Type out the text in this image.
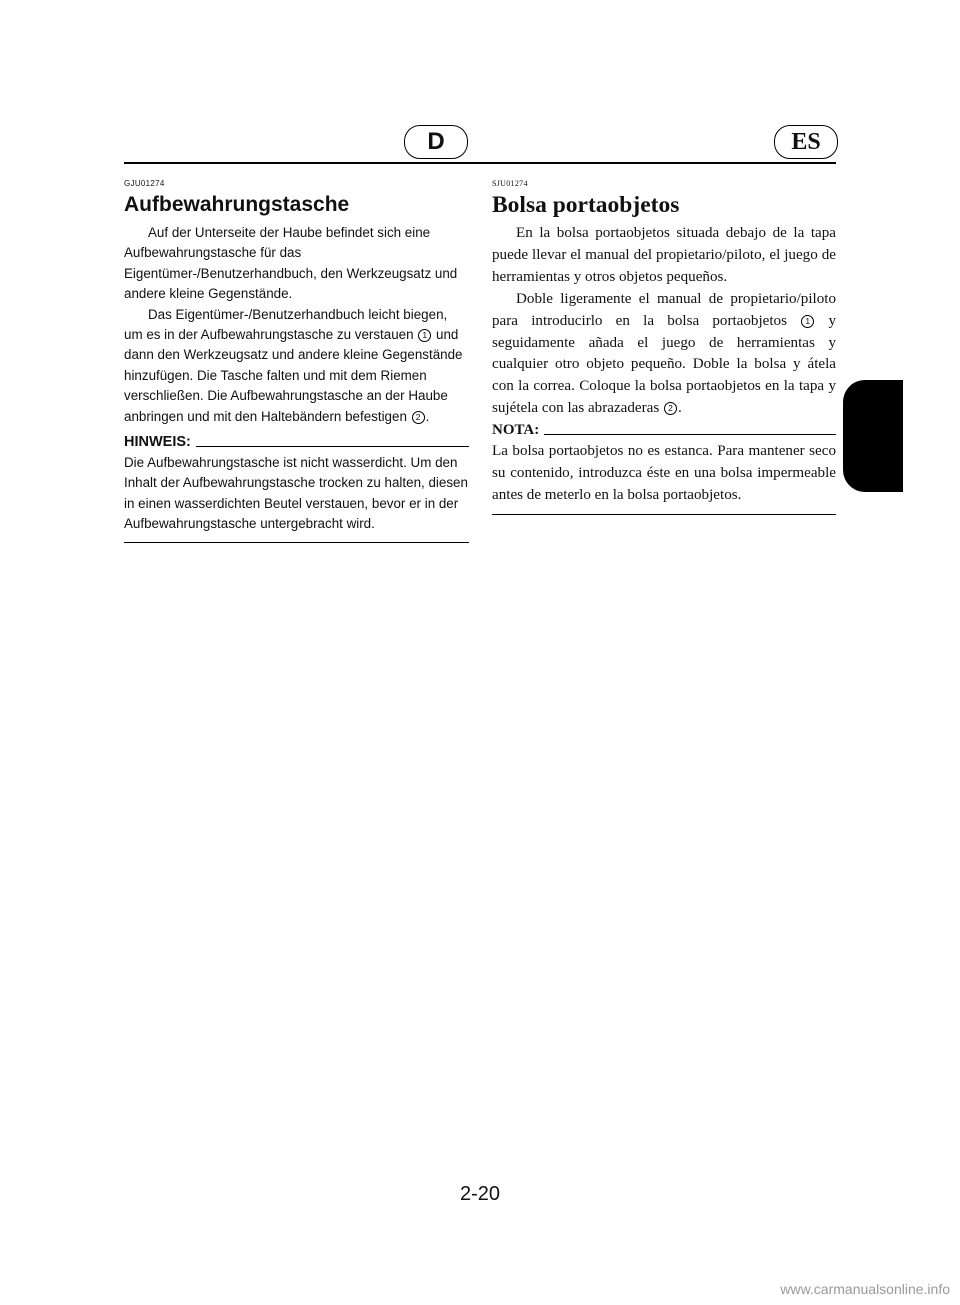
D	ES

GJU01274

Aufbewahrungstasche

Auf der Unterseite der Haube befindet sich eine Aufbewahrungstasche für das Eigentümer-/Benutzerhandbuch, den Werkzeugsatz und andere kleine Gegenstände.

Das Eigentümer-/Benutzerhandbuch leicht biegen, um es in der Aufbewahrungstasche zu verstauen 1 und dann den Werkzeugsatz und andere kleine Gegenstände hinzufügen. Die Tasche falten und mit dem Riemen verschließen. Die Aufbewahrungstasche an der Haube anbringen und mit den Haltebändern befestigen 2 .

HINWEIS:

Die Aufbewahrungstasche ist nicht wasserdicht. Um den Inhalt der Aufbewahrungstasche trocken zu halten, diesen in einen wasserdichten Beutel verstauen, bevor er in der Aufbewahrungstasche untergebracht wird.

SJU01274

Bolsa portaobjetos

En la bolsa portaobjetos situada debajo de la tapa puede llevar el manual del propietario/piloto, el juego de herramientas y otros objetos pequeños.

Doble ligeramente el manual de propietario/piloto para introducirlo en la bolsa portaobjetos 1 y seguidamente añada el juego de herramientas y cualquier otro objeto pequeño. Doble la bolsa y átela con la correa. Coloque la bolsa portaobjetos en la tapa y sujétela con las abrazaderas 2 .

NOTA:

La bolsa portaobjetos no es estanca. Para mantener seco su contenido, introduzca éste en una bolsa impermeable antes de meterlo en la bolsa portaobjetos.

2-20
www.carmanualsonline.info
